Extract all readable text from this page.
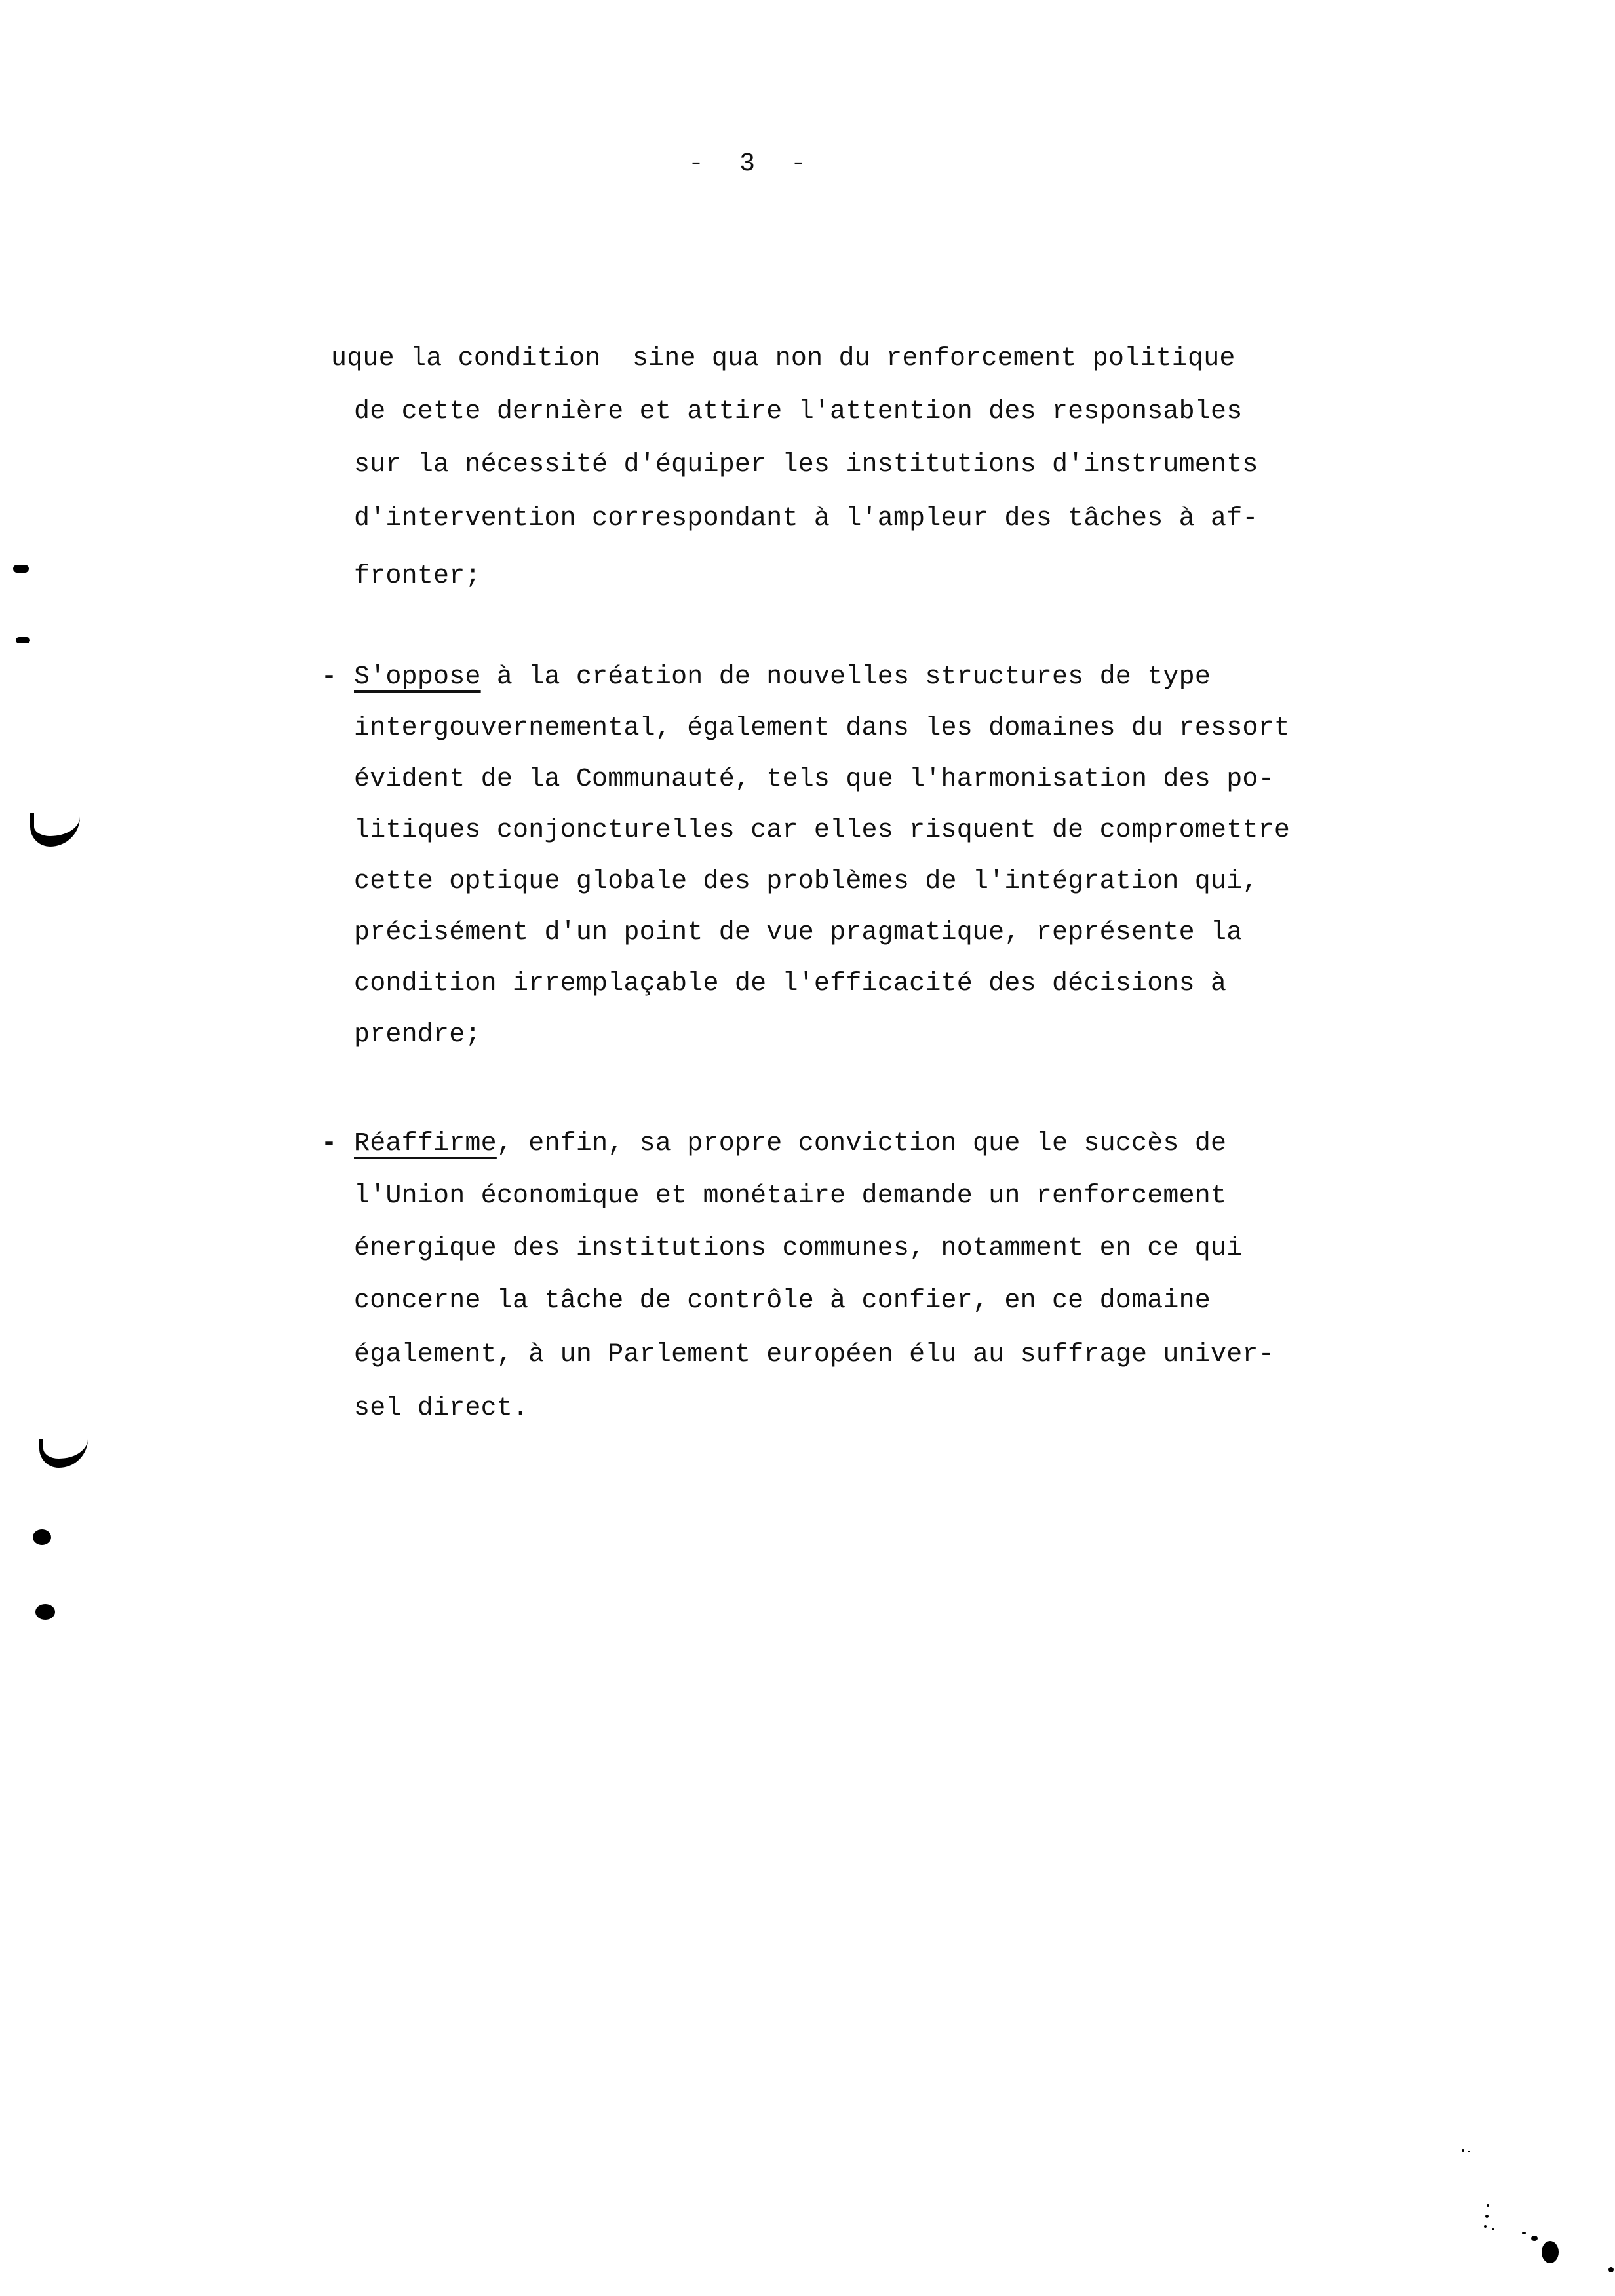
-  3  -
uque la condition  sine qua non du renforcement politique
de cette dernière et attire l'attention des responsables
sur la nécessité d'équiper les institutions d'instruments
d'intervention correspondant à l'ampleur des tâches à af-
fronter;
- S'oppose à la création de nouvelles structures de type
intergouvernemental, également dans les domaines du ressort
évident de la Communauté, tels que l'harmonisation des po-
litiques conjoncturelles car elles risquent de compromettre
cette optique globale des problèmes de l'intégration qui,
précisément d'un point de vue pragmatique, représente la
condition irremplaçable de l'efficacité des décisions à
prendre;
- Réaffirme, enfin, sa propre conviction que le succès de
l'Union économique et monétaire demande un renforcement
énergique des institutions communes, notamment en ce qui
concerne la tâche de contrôle à confier, en ce domaine
également, à un Parlement européen élu au suffrage univer-
sel direct.
